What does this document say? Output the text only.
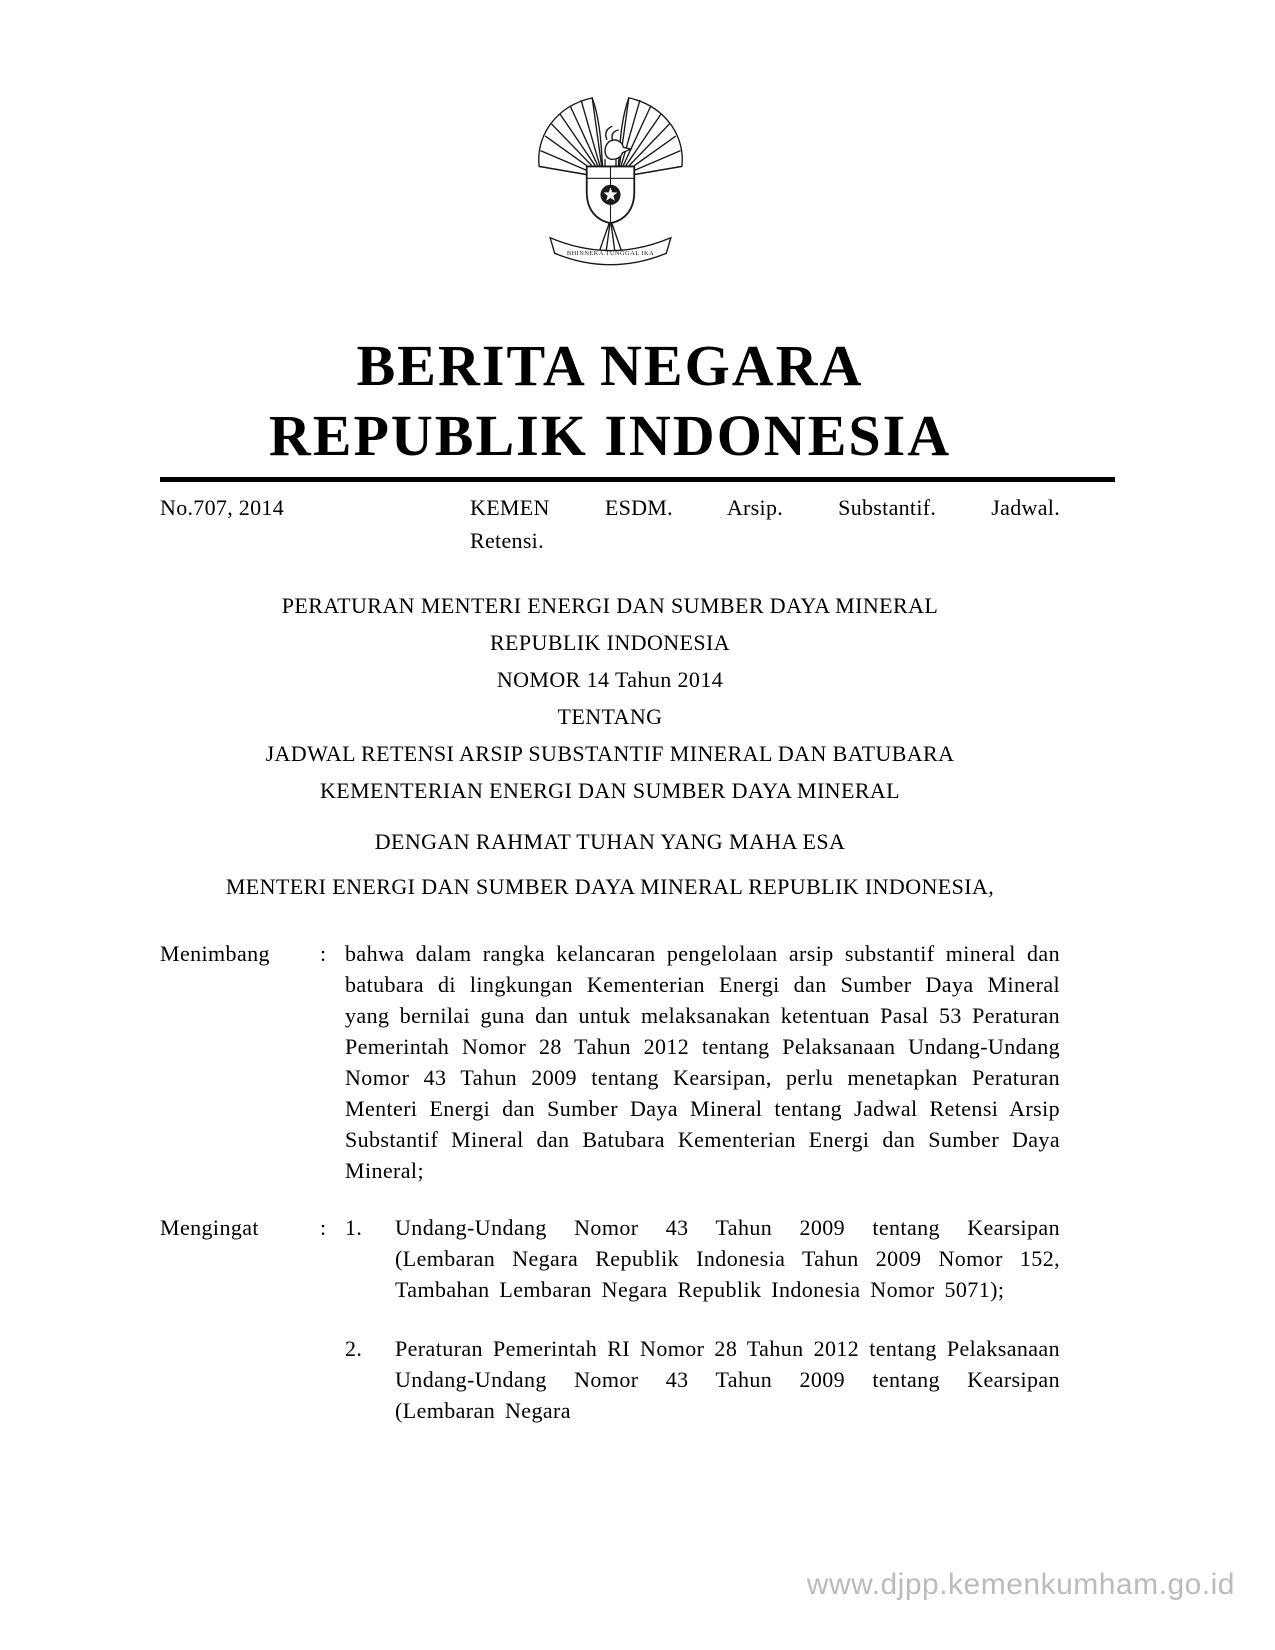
BHINNEKA TUNGGAL IKA
BERITA NEGARA
REPUBLIK INDONESIA
No.707, 2014	KEMEN ESDM. Arsip. Substantif. Jadwal.
Retensi.
PERATURAN MENTERI ENERGI DAN SUMBER DAYA MINERAL
REPUBLIK INDONESIA
NOMOR 14 Tahun 2014
TENTANG
JADWAL RETENSI ARSIP SUBSTANTIF MINERAL DAN BATUBARA
KEMENTERIAN ENERGI DAN SUMBER DAYA MINERAL
DENGAN RAHMAT TUHAN YANG MAHA ESA
MENTERI ENERGI DAN SUMBER DAYA MINERAL REPUBLIK INDONESIA,
Menimbang	: bahwa dalam rangka kelancaran pengelolaan arsip substantif mineral dan batubara di lingkungan Kementerian Energi dan Sumber Daya Mineral yang bernilai guna dan untuk melaksanakan ketentuan Pasal 53 Peraturan Pemerintah Nomor 28 Tahun 2012 tentang Pelaksanaan Undang-Undang Nomor 43 Tahun 2009 tentang Kearsipan, perlu menetapkan Peraturan Menteri Energi dan Sumber Daya Mineral tentang Jadwal Retensi Arsip Substantif Mineral dan Batubara Kementerian Energi dan Sumber Daya Mineral;
Mengingat	: 1.	Undang-Undang Nomor 43 Tahun 2009 tentang Kearsipan (Lembaran Negara Republik Indonesia Tahun 2009 Nomor 152, Tambahan Lembaran Negara Republik Indonesia Nomor 5071);
2.	Peraturan Pemerintah RI Nomor 28 Tahun 2012 tentang Pelaksanaan Undang-Undang Nomor 43 Tahun 2009 tentang Kearsipan (Lembaran Negara
www.djpp.kemenkumham.go.id
